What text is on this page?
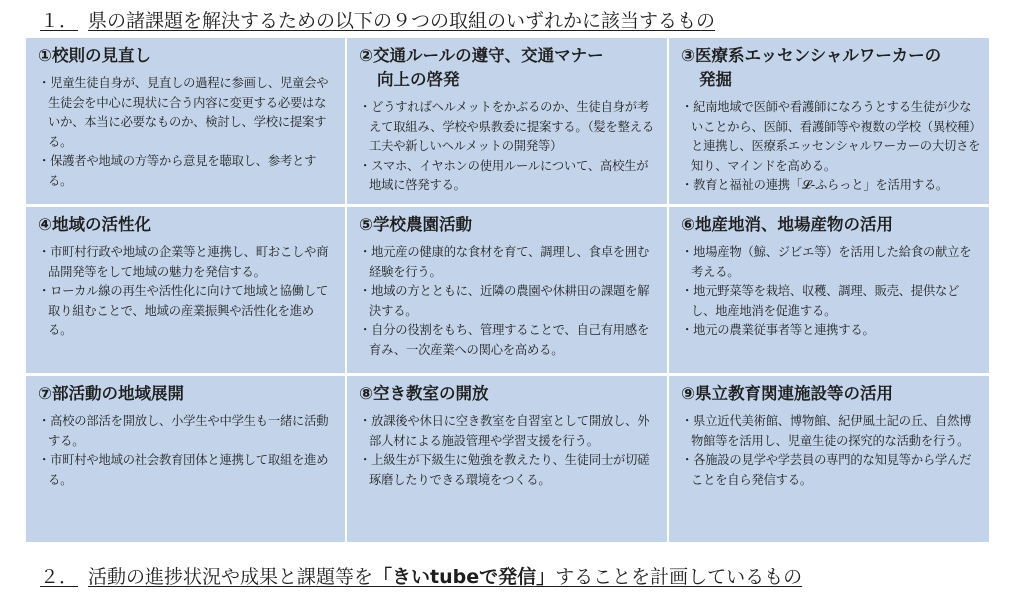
１． 県の諸課題を解決するための以下の９つの取組のいずれかに該当するもの
①校則の見直し
・ 児童生徒自身が、見直しの過程に参画し、児童会や生徒会を中心に現状に合う内容に変更する必要はないか、本当に必要なものか、検討し、学校に提案する。
・ 保護者や地域の方等から意見を聴取し、参考とする。
②交通ルールの遵守、交通マナー
向上の啓発
・ どうすればヘルメットをかぶるのか、生徒自身が考えて取組み、学校や県教委に提案する。（髪を整える工夫や新しいヘルメットの開発等）
・ スマホ、イヤホンの使用ルールについて、高校生が地域に啓発する。
③医療系エッセンシャルワーカーの
発掘
・ 紀南地域で医師や看護師になろうとする生徒が少ないことから、医師、看護師等や複数の学校（異校種）と連携し、医療系エッセンシャルワーカーの大切さを知り、マインドを高める。
・ 教育と福祉の連携「𝓛-ふらっと」を活用する。
④地域の活性化
・ 市町村行政や地域の企業等と連携し、町おこしや商品開発等をして地域の魅力を発信する。
・ ローカル線の再生や活性化に向けて地域と協働して取り組むことで、地域の産業振興や活性化を進める。
⑤学校農園活動
・ 地元産の健康的な食材を育て、調理し、食卓を囲む経験を行う。
・ 地域の方とともに、近隣の農園や休耕田の課題を解決する。
・ 自分の役割をもち、管理することで、自己有用感を育み、一次産業への関心を高める。
⑥地産地消、地場産物の活用
・ 地場産物（鯨、ジビエ等）を活用した給食の献立を考える。
・ 地元野菜等を栽培、収穫、調理、販売、提供などし、地産地消を促進する。
・ 地元の農業従事者等と連携する。
⑦部活動の地域展開
・ 高校の部活を開放し、小学生や中学生も一緒に活動する。
・ 市町村や地域の社会教育団体と連携して取組を進める。
⑧空き教室の開放
・ 放課後や休日に空き教室を自習室として開放し、外部人材による施設管理や学習支援を行う。
・ 上級生が下級生に勉強を教えたり、生徒同士が切磋琢磨したりできる環境をつくる。
⑨県立教育関連施設等の活用
・ 県立近代美術館、博物館、紀伊風土記の丘、自然博物館等を活用し、児童生徒の探究的な活動を行う。
・ 各施設の見学や学芸員の専門的な知見等から学んだことを自ら発信する。
２． 活動の進捗状況や成果と課題等を「きいtubeで発信」することを計画しているもの
